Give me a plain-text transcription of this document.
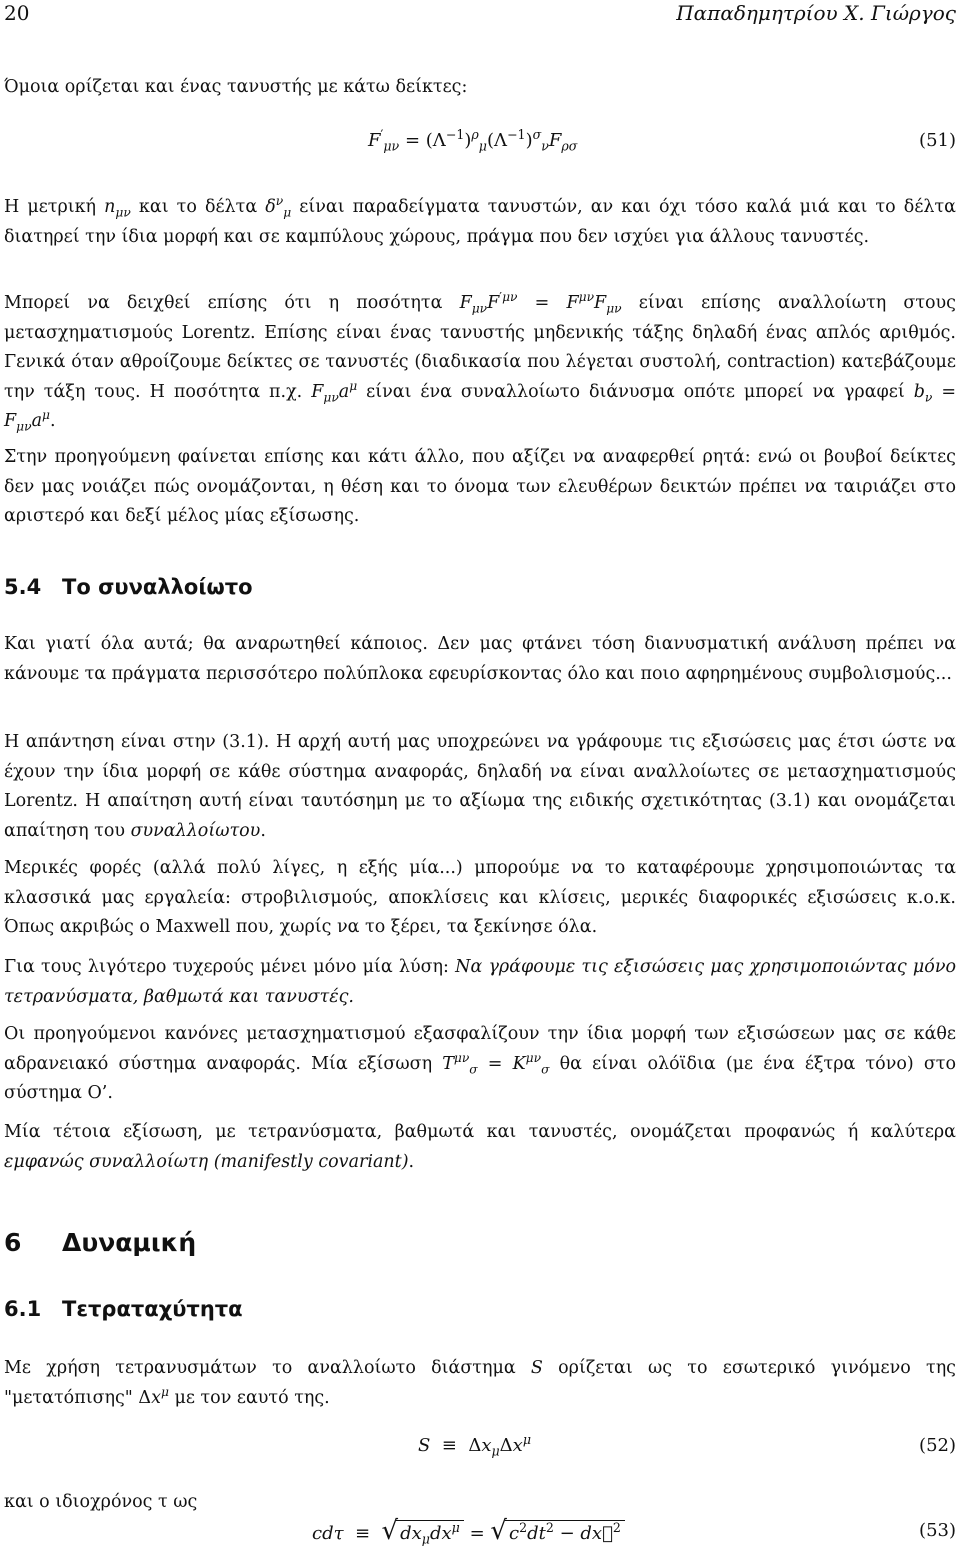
20	Παπαδημητρίου Χ. Γιώργος
Όμοια ορίζεται και ένας τανυστής με κάτω δείκτες:
$F'_{\mu\nu} = (\Lambda^{-1})^\rho_\mu(\Lambda^{-1})^\sigma_\nu F_{\rho\sigma}$	(51)
Η μετρική $n_{\mu\nu}$ και το δέλτα $\delta^\nu_\mu$ είναι παραδείγματα τανυστών, αν και όχι τόσο καλά μιά και το δέλτα διατηρεί την ίδια μορφή και σε καμπύλους χώρους, πράγμα που δεν ισχύει για άλλους τανυστές.
Μπορεί να δειχθεί επίσης ότι η ποσότητα $F_{\mu\nu}F^{'\mu\nu} = F^{\mu\nu}F_{\mu\nu}$ είναι επίσης αναλλοίωτη στους μετασχηματισμούς Lorentz. Επίσης είναι ένας τανυστής μηδενικής τάξης δηλαδή ένας απλός αριθμός. Γενικά όταν αθροίζουμε δείκτες σε τανυστές (διαδικασία που λέγεται συστολή, contraction) κατεβάζουμε την τάξη τους. Η ποσότητα π.χ. $F_{\mu\nu}a^\mu$ είναι ένα συναλλοίωτο διάνυσμα οπότε μπορεί να γραφεί $b_\nu = F_{\mu\nu}a^\mu$.
Στην προηγούμενη φαίνεται επίσης και κάτι άλλο, που αξίζει να αναφερθεί ρητά: ενώ οι βουβοί δείκτες δεν μας νοιάζει πώς ονομάζονται, η θέση και το όνομα των ελευθέρων δεικτών πρέπει να ταιριάζει στο αριστερό και δεξί μέλος μίας εξίσωσης.
5.4 Το συναλλοίωτο
Και γιατί όλα αυτά; θα αναρωτηθεί κάποιος. Δεν μας φτάνει τόση διανυσματική ανάλυση πρέπει να κάνουμε τα πράγματα περισσότερο πολύπλοκα εφευρίσκοντας όλο και ποιο αφηρημένους συμβολισμούς...
Η απάντηση είναι στην (3.1). Η αρχή αυτή μας υποχρεώνει να γράφουμε τις εξισώσεις μας έτσι ώστε να έχουν την ίδια μορφή σε κάθε σύστημα αναφοράς, δηλαδή να είναι αναλλοίωτες σε μετασχηματισμούς Lorentz. Η απαίτηση αυτή είναι ταυτόσημη με το αξίωμα της ειδικής σχετικότητας (3.1) και ονομάζεται απαίτηση του συναλλοίωτου.
Μερικές φορές (αλλά πολύ λίγες, η εξής μία...) μπορούμε να το καταφέρουμε χρησιμοποιώντας τα κλασσικά μας εργαλεία: στροβιλισμούς, αποκλίσεις και κλίσεις, μερικές διαφορικές εξισώσεις κ.ο.κ. Όπως ακριβώς ο Maxwell που, χωρίς να το ξέρει, τα ξεκίνησε όλα.
Για τους λιγότερο τυχερούς μένει μόνο μία λύση: Να γράφουμε τις εξισώσεις μας χρησιμοποιώντας μόνο τετρανύσματα, βαθμωτά και τανυστές.
Οι προηγούμενοι κανόνες μετασχηματισμού εξασφαλίζουν την ίδια μορφή των εξισώσεων μας σε κάθε αδρανειακό σύστημα αναφοράς. Μία εξίσωση $T^{\mu\nu}_\sigma = K^{\mu\nu}_\sigma$ θα είναι ολόϊδια (με ένα έξτρα τόνο) στο σύστημα O’.
Μία τέτοια εξίσωση, με τετρανύσματα, βαθμωτά και τανυστές, ονομάζεται προφανώς ή καλύτερα εμφανώς συναλλοίωτη (manifestly covariant).
6 Δυναμική
6.1 Τετραταχύτητα
Με χρήση τετρανυσμάτων το αναλλοίωτο διάστημα S ορίζεται ως το εσωτερικό γινόμενο της "μετατόπισης" $\Delta x^\mu$ με τον εαυτό της.
$S \equiv \Delta x_\mu\Delta x^\mu$	(52)
και ο ιδιοχρόνος τ ως
cdτ  ≡  √ $dx_\mu dx^\mu$ = √ $c^2dt^2$ − dx⃗$^2$	(53)
